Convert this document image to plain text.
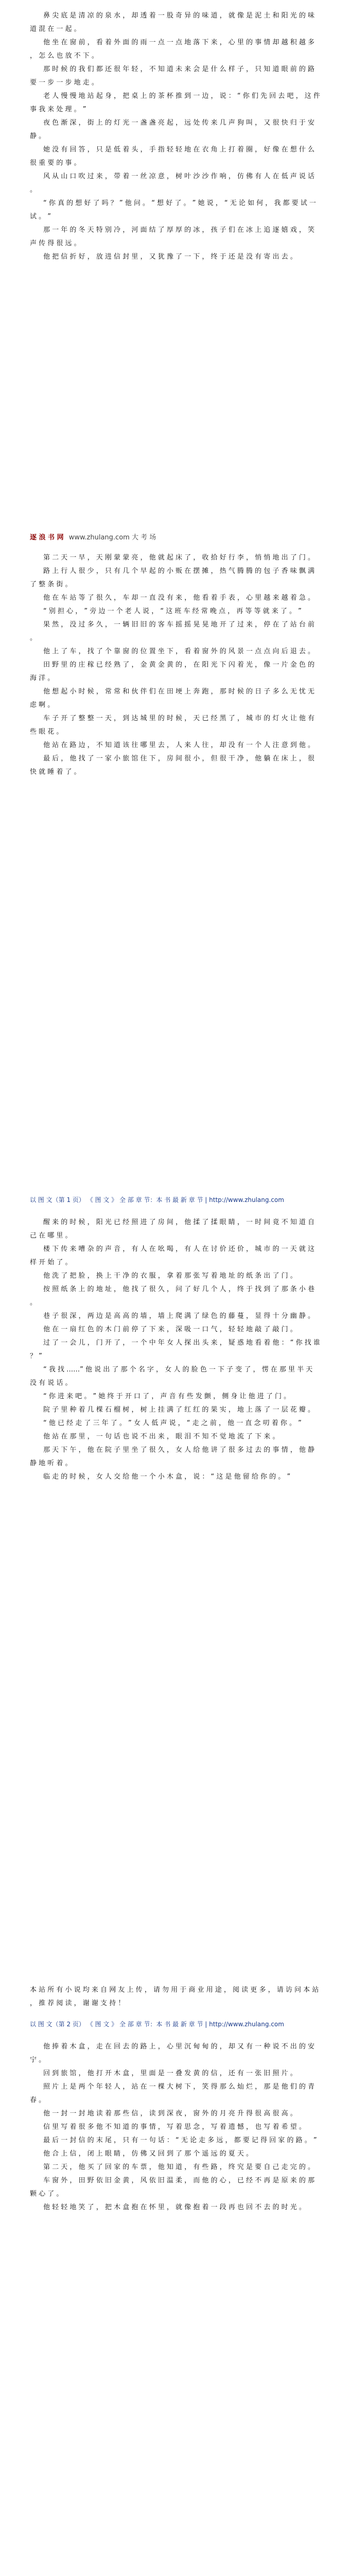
鼻 尖 底 是 清 凉 的 泉 水 ， 却 透 着 一 股 奇 异 的 味 道 ， 就 像 是 泥 土 和 阳 光 的 味 道 混 在 一 起 。

他 坐 在 窗 前 ， 看 着 外 面 的 雨 一 点 一 点 地 落 下 来 ， 心 里 的 事 情 却 越 积 越 多 ， 怎 么 也 放 不 下 。

那 时 候 的 我 们 都 还 很 年 轻 ， 不 知 道 未 来 会 是 什 么 样 子 ， 只 知 道 眼 前 的 路 要 一 步 一 步 地 走 。

老 人 慢 慢 地 站 起 身 ， 把 桌 上 的 茶 杯 推 到 一 边 ， 说 ： “ 你 们 先 回 去 吧 ， 这 件 事 我 来 处 理 。 ”

夜 色 渐 深 ， 街 上 的 灯 光 一 盏 盏 亮 起 ， 远 处 传 来 几 声 狗 叫 ， 又 很 快 归 于 安 静 。

她 没 有 回 答 ， 只 是 低 着 头 ， 手 指 轻 轻 地 在 衣 角 上 打 着 圈 ， 好 像 在 想 什 么 很 重 要 的 事 。

风 从 山 口 吹 过 来 ， 带 着 一 丝 凉 意 ， 树 叶 沙 沙 作 响 ， 仿 佛 有 人 在 低 声 说 话 。

“ 你 真 的 想 好 了 吗 ？ ” 他 问 。 “ 想 好 了 。 ” 她 说 ， “ 无 论 如 何 ， 我 都 要 试 一 试 。 ”

那 一 年 的 冬 天 特 别 冷 ， 河 面 结 了 厚 厚 的 冰 ， 孩 子 们 在 冰 上 追 逐 嬉 戏 ， 笑 声 传 得 很 远 。

他 把 信 折 好 ， 放 进 信 封 里 ， 又 犹 豫 了 一 下 ， 终 于 还 是 没 有 寄 出 去 。

逐 浪 书 网 www.zhulang.com 大 考 场

第 二 天 一 早 ， 天 刚 蒙 蒙 亮 ， 他 就 起 床 了 ， 收 拾 好 行 李 ， 悄 悄 地 出 了 门 。

路 上 行 人 很 少 ， 只 有 几 个 早 起 的 小 贩 在 摆 摊 ， 热 气 腾 腾 的 包 子 香 味 飘 满 了 整 条 街 。

他 在 车 站 等 了 很 久 ， 车 却 一 直 没 有 来 ， 他 看 着 手 表 ， 心 里 越 来 越 着 急 。

“ 别 担 心 ， ” 旁 边 一 个 老 人 说 ， “ 这 班 车 经 常 晚 点 ， 再 等 等 就 来 了 。 ”

果 然 ， 没 过 多 久 ， 一 辆 旧 旧 的 客 车 摇 摇 晃 晃 地 开 了 过 来 ， 停 在 了 站 台 前 。

他 上 了 车 ， 找 了 个 靠 窗 的 位 置 坐 下 ， 看 着 窗 外 的 风 景 一 点 点 向 后 退 去 。

田 野 里 的 庄 稼 已 经 熟 了 ， 金 黄 金 黄 的 ， 在 阳 光 下 闪 着 光 ， 像 一 片 金 色 的 海 洋 。

他 想 起 小 时 候 ， 常 常 和 伙 伴 们 在 田 埂 上 奔 跑 ， 那 时 候 的 日 子 多 么 无 忧 无 虑 啊 。

车 子 开 了 整 整 一 天 ， 到 达 城 里 的 时 候 ， 天 已 经 黑 了 ， 城 市 的 灯 火 让 他 有 些 眼 花 。

他 站 在 路 边 ， 不 知 道 该 往 哪 里 去 ， 人 来 人 往 ， 却 没 有 一 个 人 注 意 到 他 。

最 后 ， 他 找 了 一 家 小 旅 馆 住 下 ， 房 间 很 小 ， 但 很 干 净 ， 他 躺 在 床 上 ， 很 快 就 睡 着 了 。

以 图 文（第 1 页） 《 图 文 》 全 部 章 节：本 书 最 新 章 节 | http://www.zhulang.com

醒 来 的 时 候 ， 阳 光 已 经 照 进 了 房 间 ， 他 揉 了 揉 眼 睛 ， 一 时 间 竟 不 知 道 自 己 在 哪 里 。

楼 下 传 来 嘈 杂 的 声 音 ， 有 人 在 吆 喝 ， 有 人 在 讨 价 还 价 ， 城 市 的 一 天 就 这 样 开 始 了 。

他 洗 了 把 脸 ， 换 上 干 净 的 衣 服 ， 拿 着 那 张 写 着 地 址 的 纸 条 出 了 门 。

按 照 纸 条 上 的 地 址 ， 他 找 了 很 久 ， 问 了 好 几 个 人 ， 终 于 找 到 了 那 条 小 巷 。

巷 子 很 深 ， 两 边 是 高 高 的 墙 ， 墙 上 爬 满 了 绿 色 的 藤 蔓 ， 显 得 十 分 幽 静 。

他 在 一 扇 红 色 的 木 门 前 停 了 下 来 ， 深 吸 一 口 气 ， 轻 轻 地 敲 了 敲 门 。

过 了 一 会 儿 ， 门 开 了 ， 一 个 中 年 女 人 探 出 头 来 ， 疑 惑 地 看 着 他 ： “ 你 找 谁 ？ ”

“ 我 找 ……” 他 说 出 了 那 个 名 字 ， 女 人 的 脸 色 一 下 子 变 了 ， 愣 在 那 里 半 天 没 有 说 话 。

“ 你 进 来 吧 。 ” 她 终 于 开 口 了 ， 声 音 有 些 发 颤 ， 侧 身 让 他 进 了 门 。

院 子 里 种 着 几 棵 石 榴 树 ， 树 上 挂 满 了 红 红 的 果 实 ， 地 上 落 了 一 层 花 瓣 。

“ 他 已 经 走 了 三 年 了 。 ” 女 人 低 声 说 ， “ 走 之 前 ， 他 一 直 念 叨 着 你 。 ”

他 站 在 那 里 ， 一 句 话 也 说 不 出 来 ， 眼 泪 不 知 不 觉 地 流 了 下 来 。

那 天 下 午 ， 他 在 院 子 里 坐 了 很 久 ， 女 人 给 他 讲 了 很 多 过 去 的 事 情 ， 他 静 静 地 听 着 。

临 走 的 时 候 ， 女 人 交 给 他 一 个 小 木 盒 ， 说 ： “ 这 是 他 留 给 你 的 。 ”

本 站 所 有 小 说 均 来 自 网 友 上 传 ， 请 勿 用 于 商 业 用 途 ， 阅 读 更 多 ， 请 访 问 本 站 ， 推 荐 阅 读 ， 谢 谢 支 持 ！
以 图 文（第 2 页） 《 图 文 》 全 部 章 节：本 书 最 新 章 节 | http://www.zhulang.com

他 捧 着 木 盒 ， 走 在 回 去 的 路 上 ， 心 里 沉 甸 甸 的 ， 却 又 有 一 种 说 不 出 的 安 宁 。

回 到 旅 馆 ， 他 打 开 木 盒 ， 里 面 是 一 叠 发 黄 的 信 ， 还 有 一 张 旧 照 片 。

照 片 上 是 两 个 年 轻 人 ， 站 在 一 棵 大 树 下 ， 笑 得 那 么 灿 烂 ， 那 是 他 们 的 青 春 。

他 一 封 一 封 地 读 着 那 些 信 ， 读 到 深 夜 ， 窗 外 的 月 亮 升 得 很 高 很 高 。

信 里 写 着 很 多 他 不 知 道 的 事 情 ， 写 着 思 念 ， 写 着 遗 憾 ， 也 写 着 希 望 。

最 后 一 封 信 的 末 尾 ， 只 有 一 句 话 ： “ 无 论 走 多 远 ， 都 要 记 得 回 家 的 路 。 ”

他 合 上 信 ， 闭 上 眼 睛 ， 仿 佛 又 回 到 了 那 个 遥 远 的 夏 天 。

第 二 天 ， 他 买 了 回 家 的 车 票 ， 他 知 道 ， 有 些 路 ， 终 究 是 要 自 己 走 完 的 。

车 窗 外 ， 田 野 依 旧 金 黄 ， 风 依 旧 温 柔 ， 而 他 的 心 ， 已 经 不 再 是 原 来 的 那 颗 心 了 。

他 轻 轻 地 笑 了 ， 把 木 盒 抱 在 怀 里 ， 就 像 抱 着 一 段 再 也 回 不 去 的 时 光 。
